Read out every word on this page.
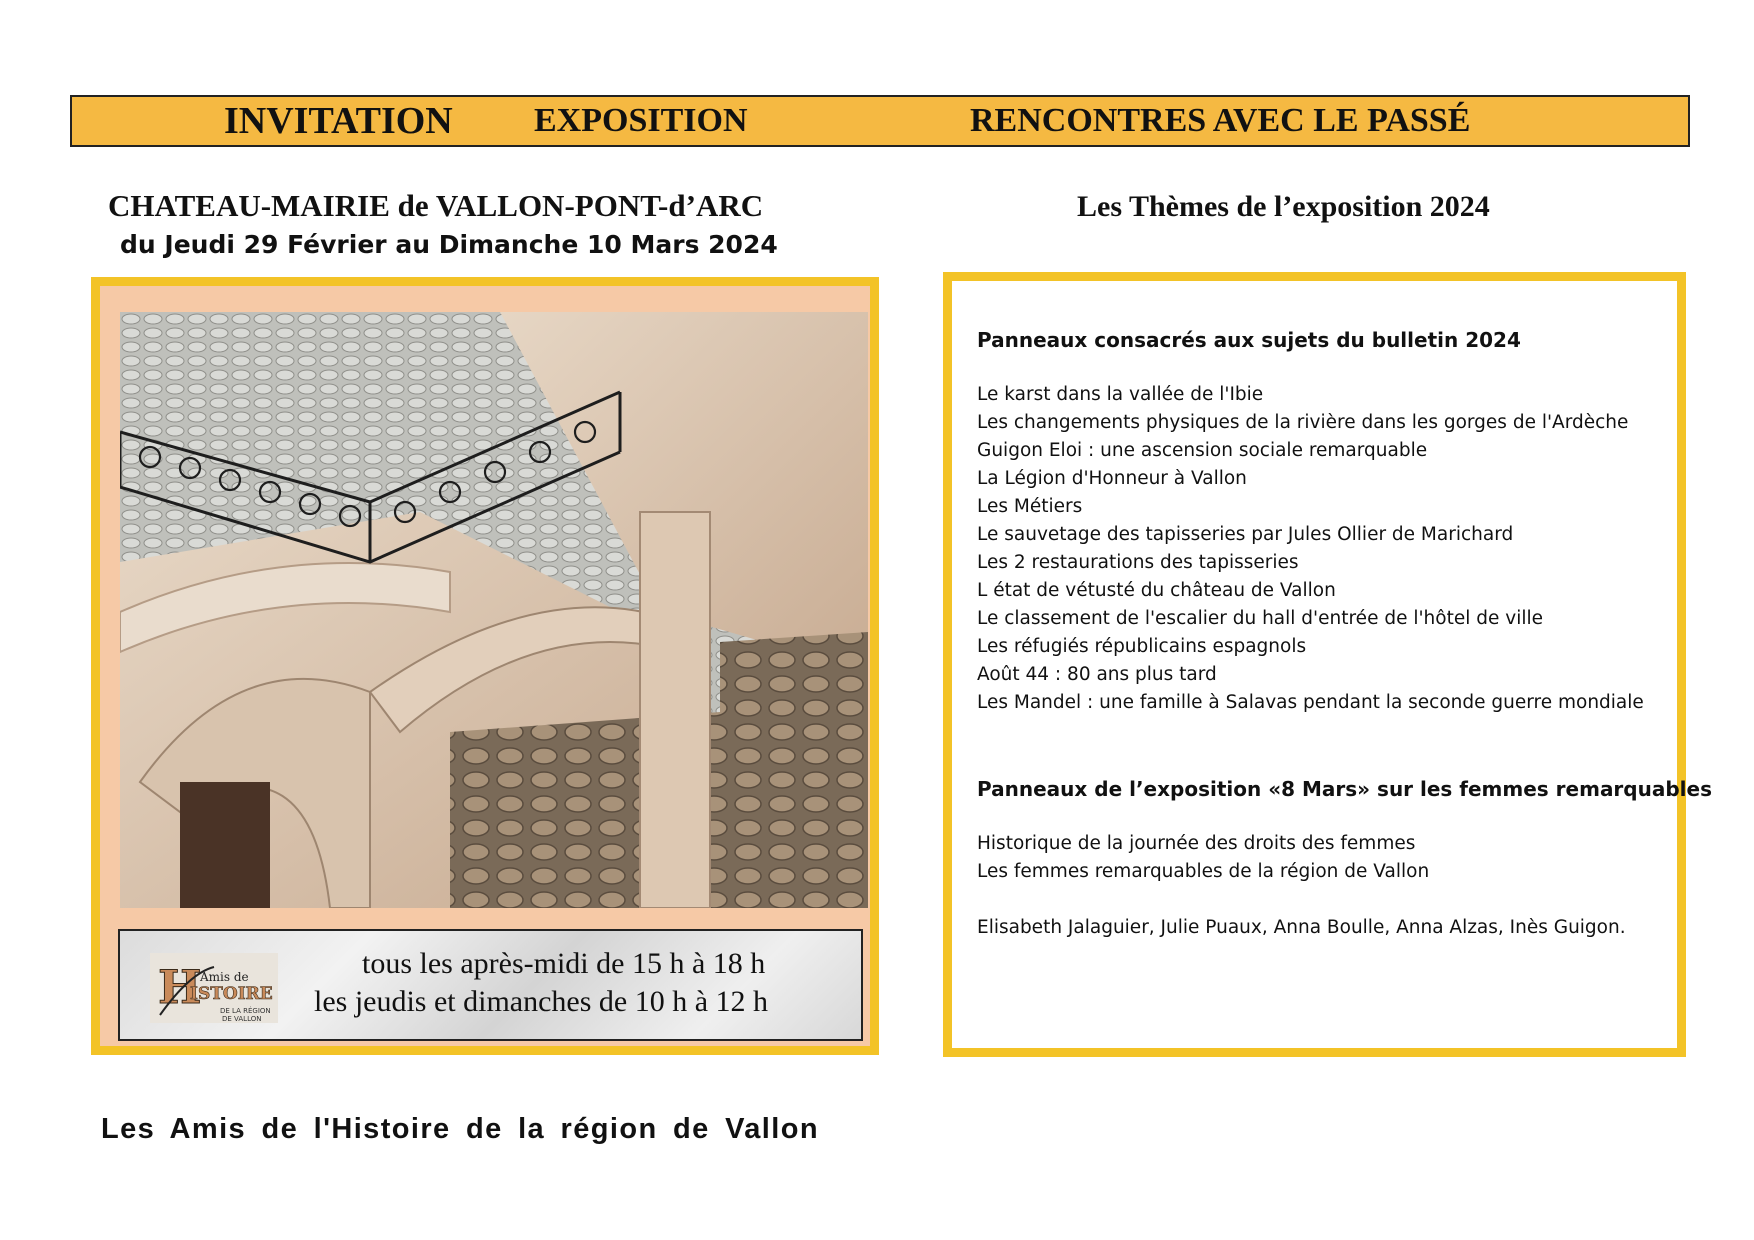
INVITATION EXPOSITION	RENCONTRES AVEC LE PASSÉ
CHATEAU-MAIRIE de VALLON-PONT-d’ARC
du Jeudi 29 Février au Dimanche 10 Mars 2024
Les Thèmes de l’exposition 2024
H
Amis de
ISTOIRE
DE LA RÉGION
DE VALLON
tous les après-midi de 15 h à 18 h
les jeudis et dimanches de 10 h à 12 h
Panneaux consacrés aux sujets du bulletin 2024
Le karst dans la vallée de l'Ibie
Les changements physiques de la rivière dans les gorges de l'Ardèche
Guigon Eloi : une ascension sociale remarquable
La Légion d'Honneur à Vallon
Les Métiers
Le sauvetage des tapisseries par Jules Ollier de Marichard
Les 2 restaurations des tapisseries
L état de vétusté du château de Vallon
Le classement de l'escalier du hall d'entrée de l'hôtel de ville
Les réfugiés républicains espagnols
Août 44 : 80 ans plus tard
Les Mandel : une famille à Salavas pendant la seconde guerre mondiale
Panneaux de l’exposition «8 Mars» sur les femmes remarquables
Historique de la journée des droits des femmes
Les femmes remarquables de la région de Vallon
Elisabeth Jalaguier, Julie Puaux, Anna Boulle, Anna Alzas, Inès Guigon.
Les Amis de l'Histoire de la région de Vallon
